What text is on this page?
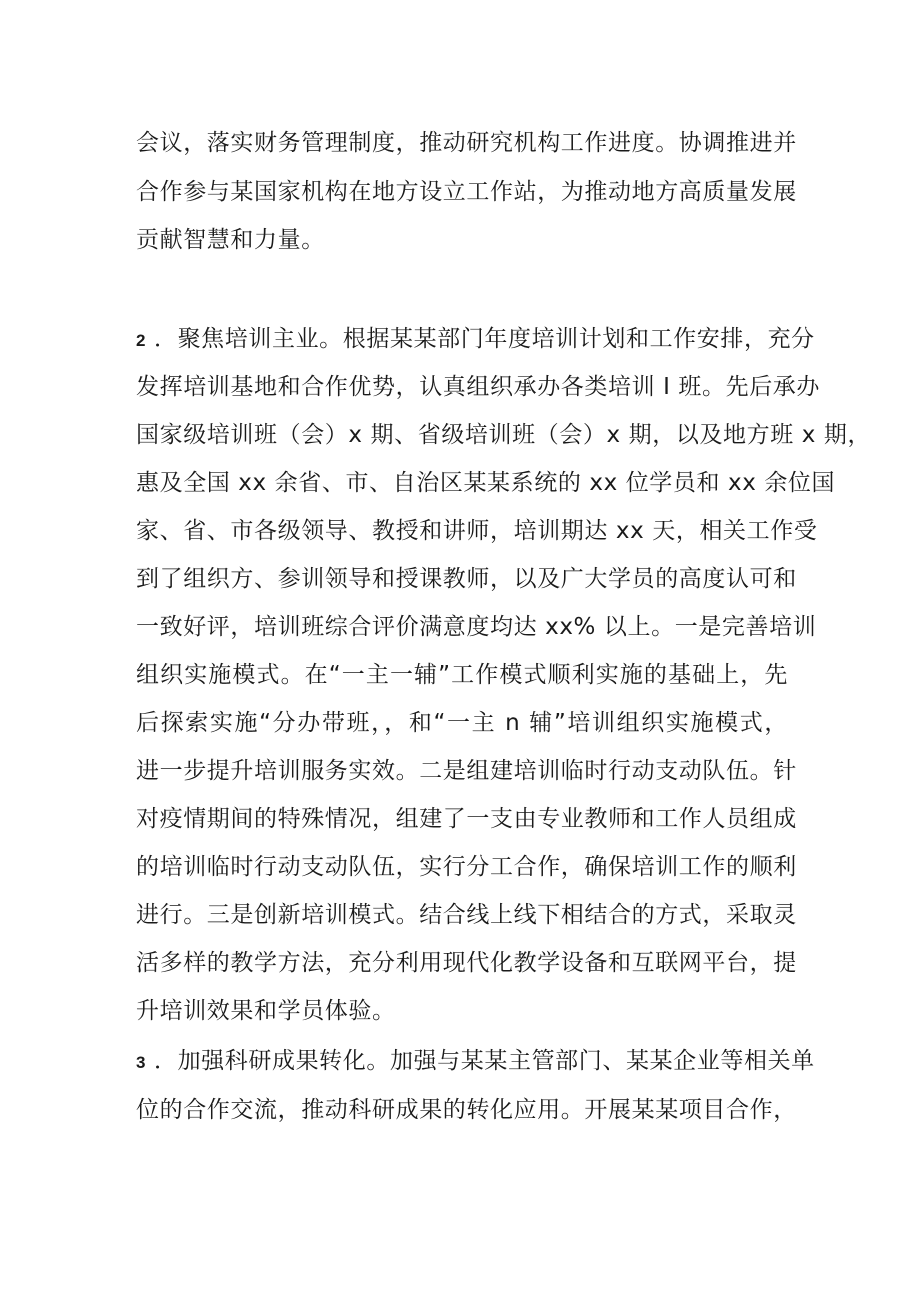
会议，落实财务管理制度，推动研究机构工作进度。协调推进并
合作参与某国家机构在地方设立工作站，为推动地方高质量发展
贡献智慧和力量。
2 ．聚焦培训主业。根据某某部门年度培训计划和工作安排，充分
发挥培训基地和合作优势，认真组织承办各类培训 I 班。先后承办
国家级培训班（会）x 期、省级培训班（会）x 期，以及地方班 x 期，
惠及全国 xx 余省、市、自治区某某系统的 xx 位学员和 xx 余位国
家、省、市各级领导、教授和讲师，培训期达 xx 天，相关工作受
到了组织方、参训领导和授课教师，以及广大学员的高度认可和
一致好评，培训班综合评价满意度均达 xx% 以上。一是完善培训
组织实施模式。在“一主一辅”工作模式顺利实施的基础上，先
后探索实施“分办带班，，和“一主 n 辅”培训组织实施模式，
进一步提升培训服务实效。二是组建培训临时行动支动队伍。针
对疫情期间的特殊情况，组建了一支由专业教师和工作人员组成
的培训临时行动支动队伍，实行分工合作，确保培训工作的顺利
进行。三是创新培训模式。结合线上线下相结合的方式，采取灵
活多样的教学方法，充分利用现代化教学设备和互联网平台，提
升培训效果和学员体验。
3 ．加强科研成果转化。加强与某某主管部门、某某企业等相关单
位的合作交流，推动科研成果的转化应用。开展某某项目合作，
